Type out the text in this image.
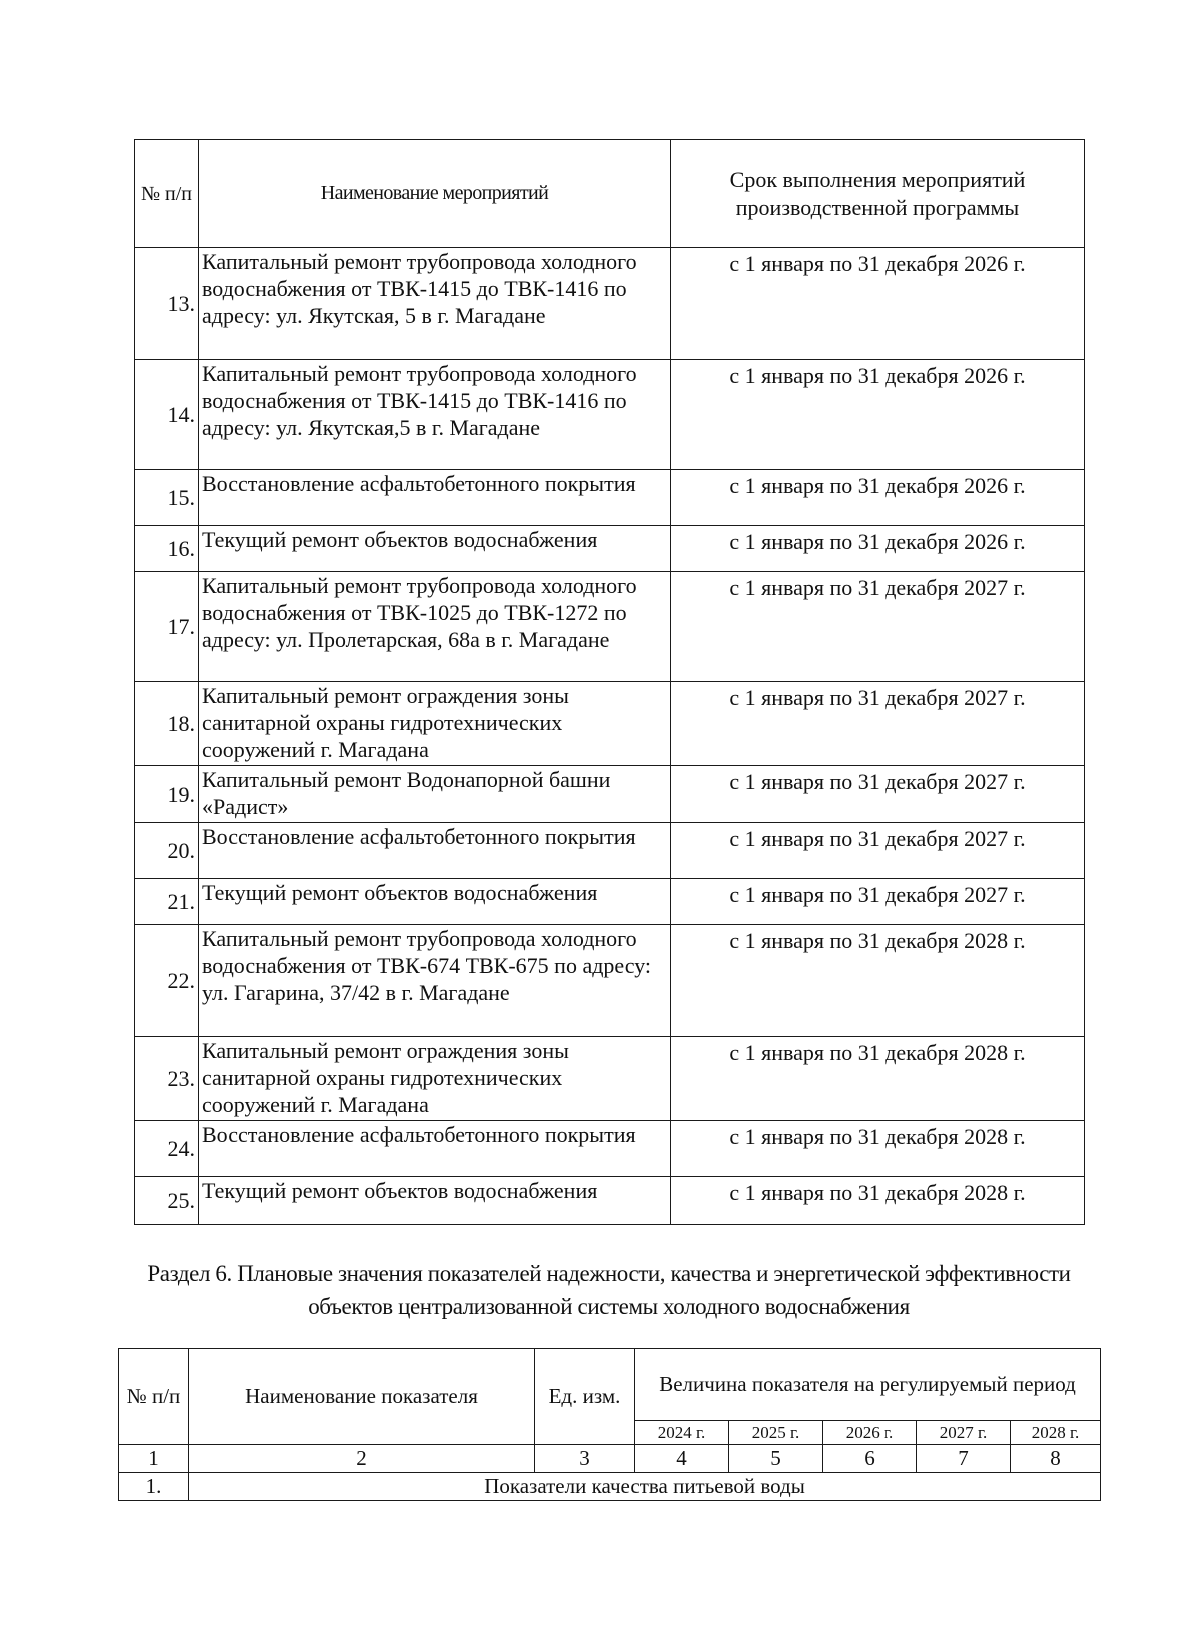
№ п/п	Наименование мероприятий	Срок выполнения мероприятий производственной программы
13.	Капитальный ремонт трубопровода холодного водоснабжения от ТВК-1415 до ТВК-1416 по адресу: ул. Якутская, 5 в г. Магадане	с 1 января по 31 декабря 2026 г.
14.	Капитальный ремонт трубопровода холодного водоснабжения от ТВК-1415 до ТВК-1416 по адресу: ул. Якутская,5 в г. Магадане	с 1 января по 31 декабря 2026 г.
15.	Восстановление асфальтобетонного покрытия	с 1 января по 31 декабря 2026 г.
16.	Текущий ремонт объектов водоснабжения	с 1 января по 31 декабря 2026 г.
17.	Капитальный ремонт трубопровода холодного водоснабжения от ТВК-1025 до ТВК-1272 по адресу: ул. Пролетарская, 68а в г. Магадане	с 1 января по 31 декабря 2027 г.
18.	Капитальный ремонт ограждения зоны санитарной охраны гидротехнических сооружений г. Магадана	с 1 января по 31 декабря 2027 г.
19.	Капитальный ремонт Водонапорной башни «Радист»	с 1 января по 31 декабря 2027 г.
20.	Восстановление асфальтобетонного покрытия	с 1 января по 31 декабря 2027 г.
21.	Текущий ремонт объектов водоснабжения	с 1 января по 31 декабря 2027 г.
22.	Капитальный ремонт трубопровода холодного водоснабжения от ТВК-674 ТВК-675 по адресу: ул. Гагарина, 37/42 в г. Магадане	с 1 января по 31 декабря 2028 г.
23.	Капитальный ремонт ограждения зоны санитарной охраны гидротехнических сооружений г. Магадана	с 1 января по 31 декабря 2028 г.
24.	Восстановление асфальтобетонного покрытия	с 1 января по 31 декабря 2028 г.
25.	Текущий ремонт объектов водоснабжения	с 1 января по 31 декабря 2028 г.
Раздел 6. Плановые значения показателей надежности, качества и энергетической эффективности объектов централизованной системы холодного водоснабжения
№ п/п	Наименование показателя	Ед. изм.	Величина показателя на регулируемый период				
			2024 г.	2025 г.	2026 г.	2027 г.	2028 г.
1	2	3	4	5	6	7	8
1.	Показатели качества питьевой воды						
